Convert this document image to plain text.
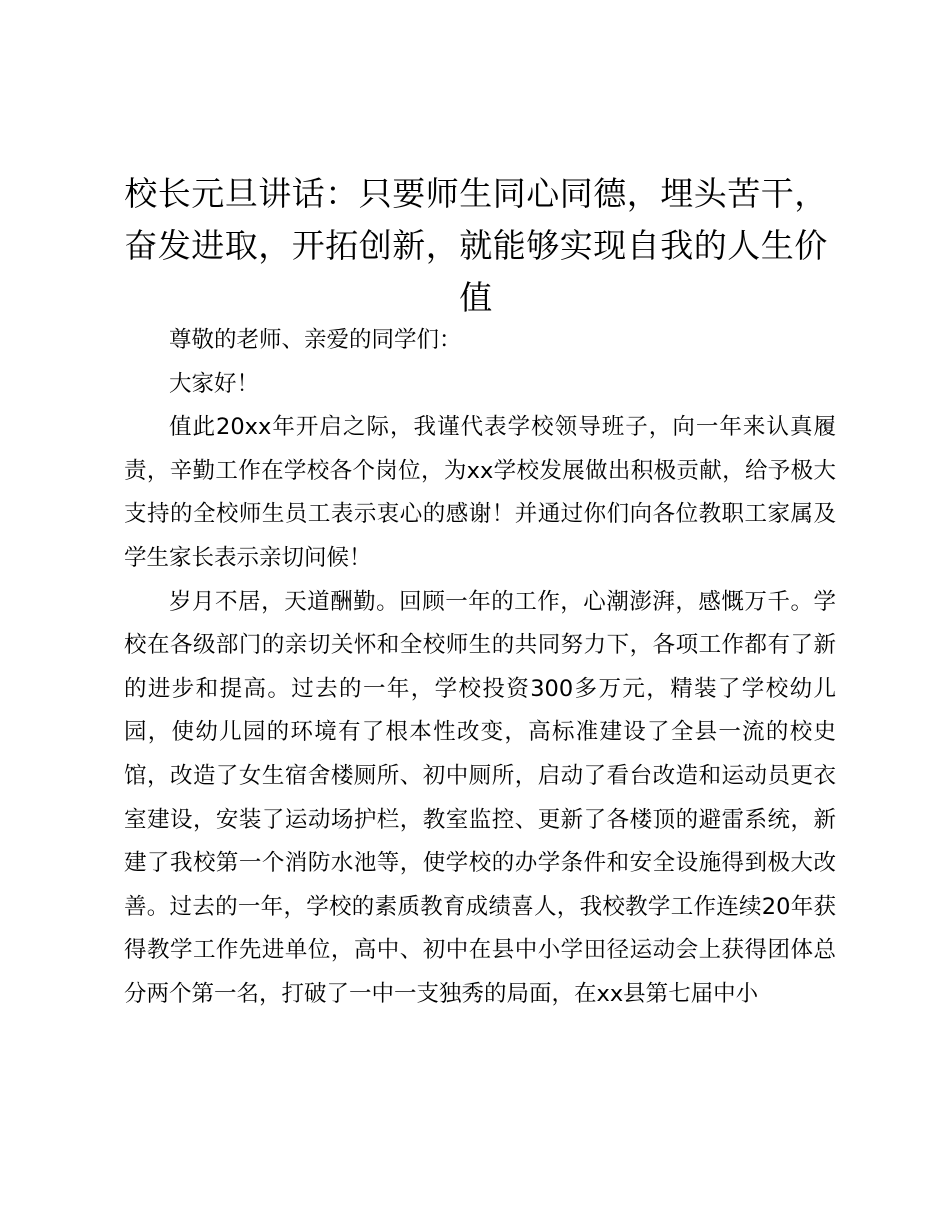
校长元旦讲话：只要师生同心同德，埋头苦干，奋发进取，开拓创新，就能够实现自我的人生价值

尊敬的老师、亲爱的同学们：

大家好！

值此20xx年开启之际，我谨代表学校领导班子，向一年来认真履责，辛勤工作在学校各个岗位，为xx学校发展做出积极贡献，给予极大支持的全校师生员工表示衷心的感谢！并通过你们向各位教职工家属及学生家长表示亲切问候！

岁月不居，天道酬勤。回顾一年的工作，心潮澎湃，感慨万千。学校在各级部门的亲切关怀和全校师生的共同努力下，各项工作都有了新的进步和提高。过去的一年，学校投资300多万元，精装了学校幼儿园，使幼儿园的环境有了根本性改变，高标准建设了全县一流的校史馆，改造了女生宿舍楼厕所、初中厕所，启动了看台改造和运动员更衣室建设，安装了运动场护栏，教室监控、更新了各楼顶的避雷系统，新建了我校第一个消防水池等，使学校的办学条件和安全设施得到极大改善。过去的一年，学校的素质教育成绩喜人，我校教学工作连续20年获得教学工作先进单位，高中、初中在县中小学田径运动会上获得团体总分两个第一名，打破了一中一支独秀的局面，在xx县第七届中小
